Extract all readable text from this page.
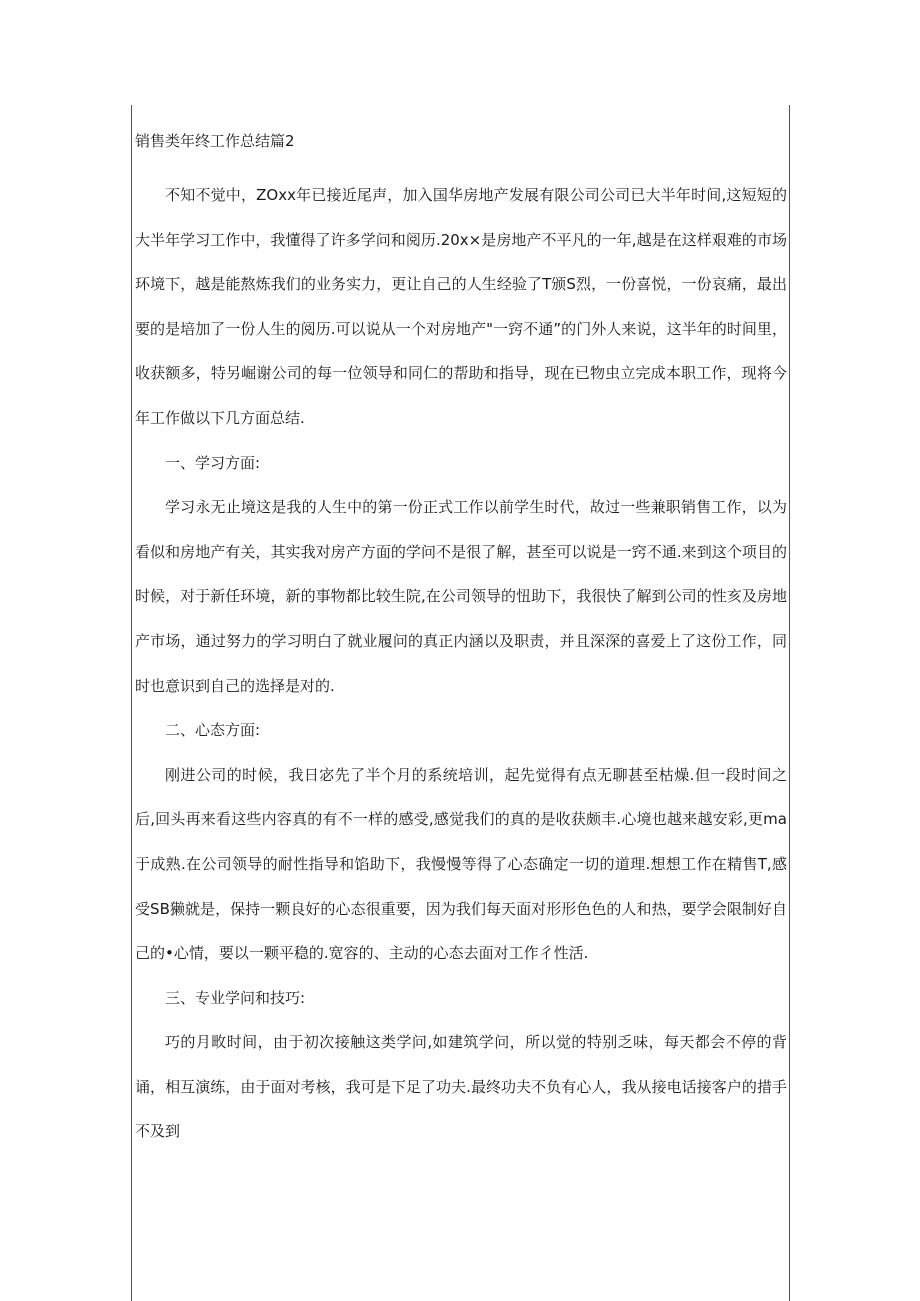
销售类年终工作总结篇2

不知不觉中，ZOxx年已接近尾声，加入国华房地产发展有限公司公司已大半年时间,这短短的大半年学习工作中，我懂得了许多学问和阅历.20x×是房地产不平凡的一年,越是在这样艰难的市场环境下，越是能熬炼我们的业务实力，更让自己的人生经验了T颁S烈，一份喜悦，一份哀痛，最出要的是培加了一份人生的阅历.可以说从一个对房地产"一窍不通”的门外人来说，这半年的时间里，收获额多，特另崛谢公司的每一位领导和同仁的帮助和指导，现在已物虫立完成本职工作，现将今年工作做以下几方面总结.

一、学习方面:

学习永无止境这是我的人生中的第一份正式工作以前学生时代，故过一些兼职销售工作，以为看似和房地产有关，其实我对房产方面的学问不是很了解，甚至可以说是一窍不通.来到这个项目的时候，对于新任环境，新的事物都比较生院,在公司领导的忸助下，我很快了解到公司的性亥及房地产市场，通过努力的学习明白了就业履问的真正内涵以及职责，并且深深的喜爱上了这份工作，同时也意识到自己的选择是对的.

二、心态方面:

刚进公司的时候，我日宓先了半个月的系统培训，起先觉得有点无聊甚至枯燥.但一段时间之后,回头再来看这些内容真的有不一样的感受,感觉我们的真的是收获颇丰.心境也越来越安彩,更ma于成熟.在公司领导的耐性指导和馅助下，我慢慢等得了心态确定一切的道理.想想工作在精售T,感受SB獭就是，保持一颗良好的心态很重要，因为我们每天面对形形色色的人和热，要学会限制好自己的•心情，要以一颗平稳的.宽容的、主动的心态去面对工作彳性活.

三、专业学问和技巧:

巧的月畋时间，由于初次接触这类学问,如建筑学问，所以觉的特别乏味，每天都会不停的背诵，相互演练，由于面对考核，我可是下足了功夫.最终功夫不负有心人，我从接电话接客户的措手不及到
